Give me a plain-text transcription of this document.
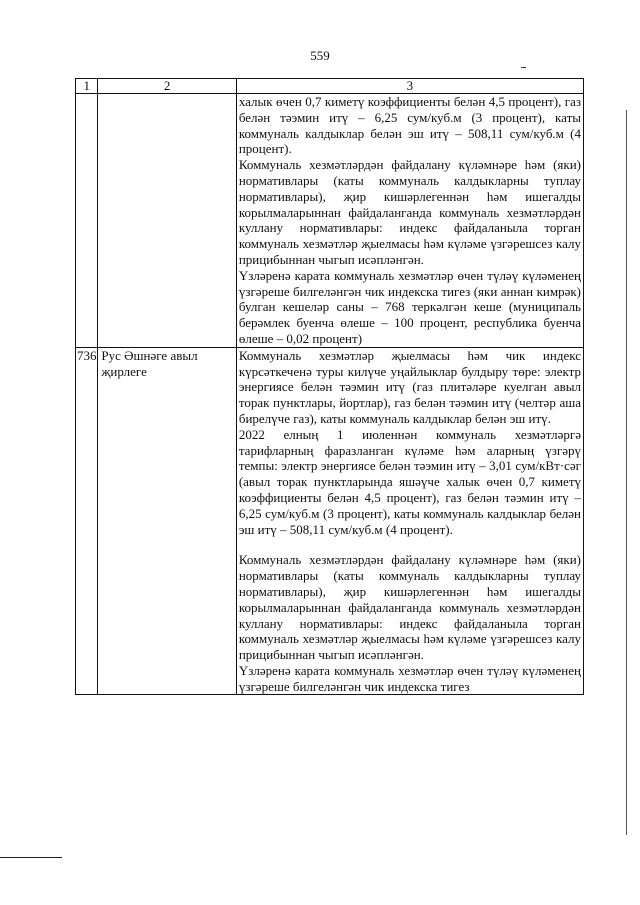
559
1	2	3

		халык өчен 0,7 киметү коэффициенты белән 4,5 процент), газ белән тәэмин итү – 6,25 сум/куб.м (3 процент), каты коммуналь калдыклар белән эш итү – 508,11 сум/куб.м (4 процент).

Коммуналь хезмәтләрдән файдалану күләмнәре һәм (яки) нормативлары (каты коммуналь калдыкларны туплау нормативлары), җир кишәрлегеннән һәм ишегалды корылмаларыннан файдаланганда коммуналь хезмәтләрдән куллану нормативлары: индекс файдаланыла торган коммуналь хезмәтләр җыелмасы һәм күләме үзгәрешсез калу прицибыннан чыгып исәпләнгән.

Үзләренә карата коммуналь хезмәтләр өчен түләү күләменең үзгәреше билгеләнгән чик индекска тигез (яки аннан кимрәк) булган кешеләр саны – 768 теркәлгән кеше (муниципаль берәмлек буенча өлеше – 100 процент, республика буенча өлеше – 0,02 процент)

736	Рус Әшнәге авыл җирлеге	Коммуналь хезмәтләр җыелмасы һәм чик индекс күрсәткеченә туры килүче уңайлыклар булдыру төре: электр энергиясе белән тәэмин итү (газ плитәләре куелган авыл торак пунктлары, йортлар), газ белән тәэмин итү (челтәр аша бирелүче газ), каты коммуналь калдыклар белән эш итү.

2022 елның 1 июленнән коммуналь хезмәтләргә тарифларның фаразланган күләме һәм аларның үзгәрү темпы: электр энергиясе белән тәэмин итү – 3,01 сум/кВт·сәг (авыл торак пунктларында яшәүче халык өчен 0,7 киметү коэффициенты белән 4,5 процент), газ белән тәэмин итү – 6,25 сум/куб.м (3 процент), каты коммуналь калдыклар белән эш итү – 508,11 сум/куб.м (4 процент).

Коммуналь хезмәтләрдән файдалану күләмнәре һәм (яки) нормативлары (каты коммуналь калдыкларны туплау нормативлары), җир кишәрлегеннән һәм ишегалды корылмаларыннан файдаланганда коммуналь хезмәтләрдән куллану нормативлары: индекс файдаланыла торган коммуналь хезмәтләр җыелмасы һәм күләме үзгәрешсез калу прицибыннан чыгып исәпләнгән.

Үзләренә карата коммуналь хезмәтләр өчен түләү күләменең үзгәреше билгеләнгән чик индекска тигез
